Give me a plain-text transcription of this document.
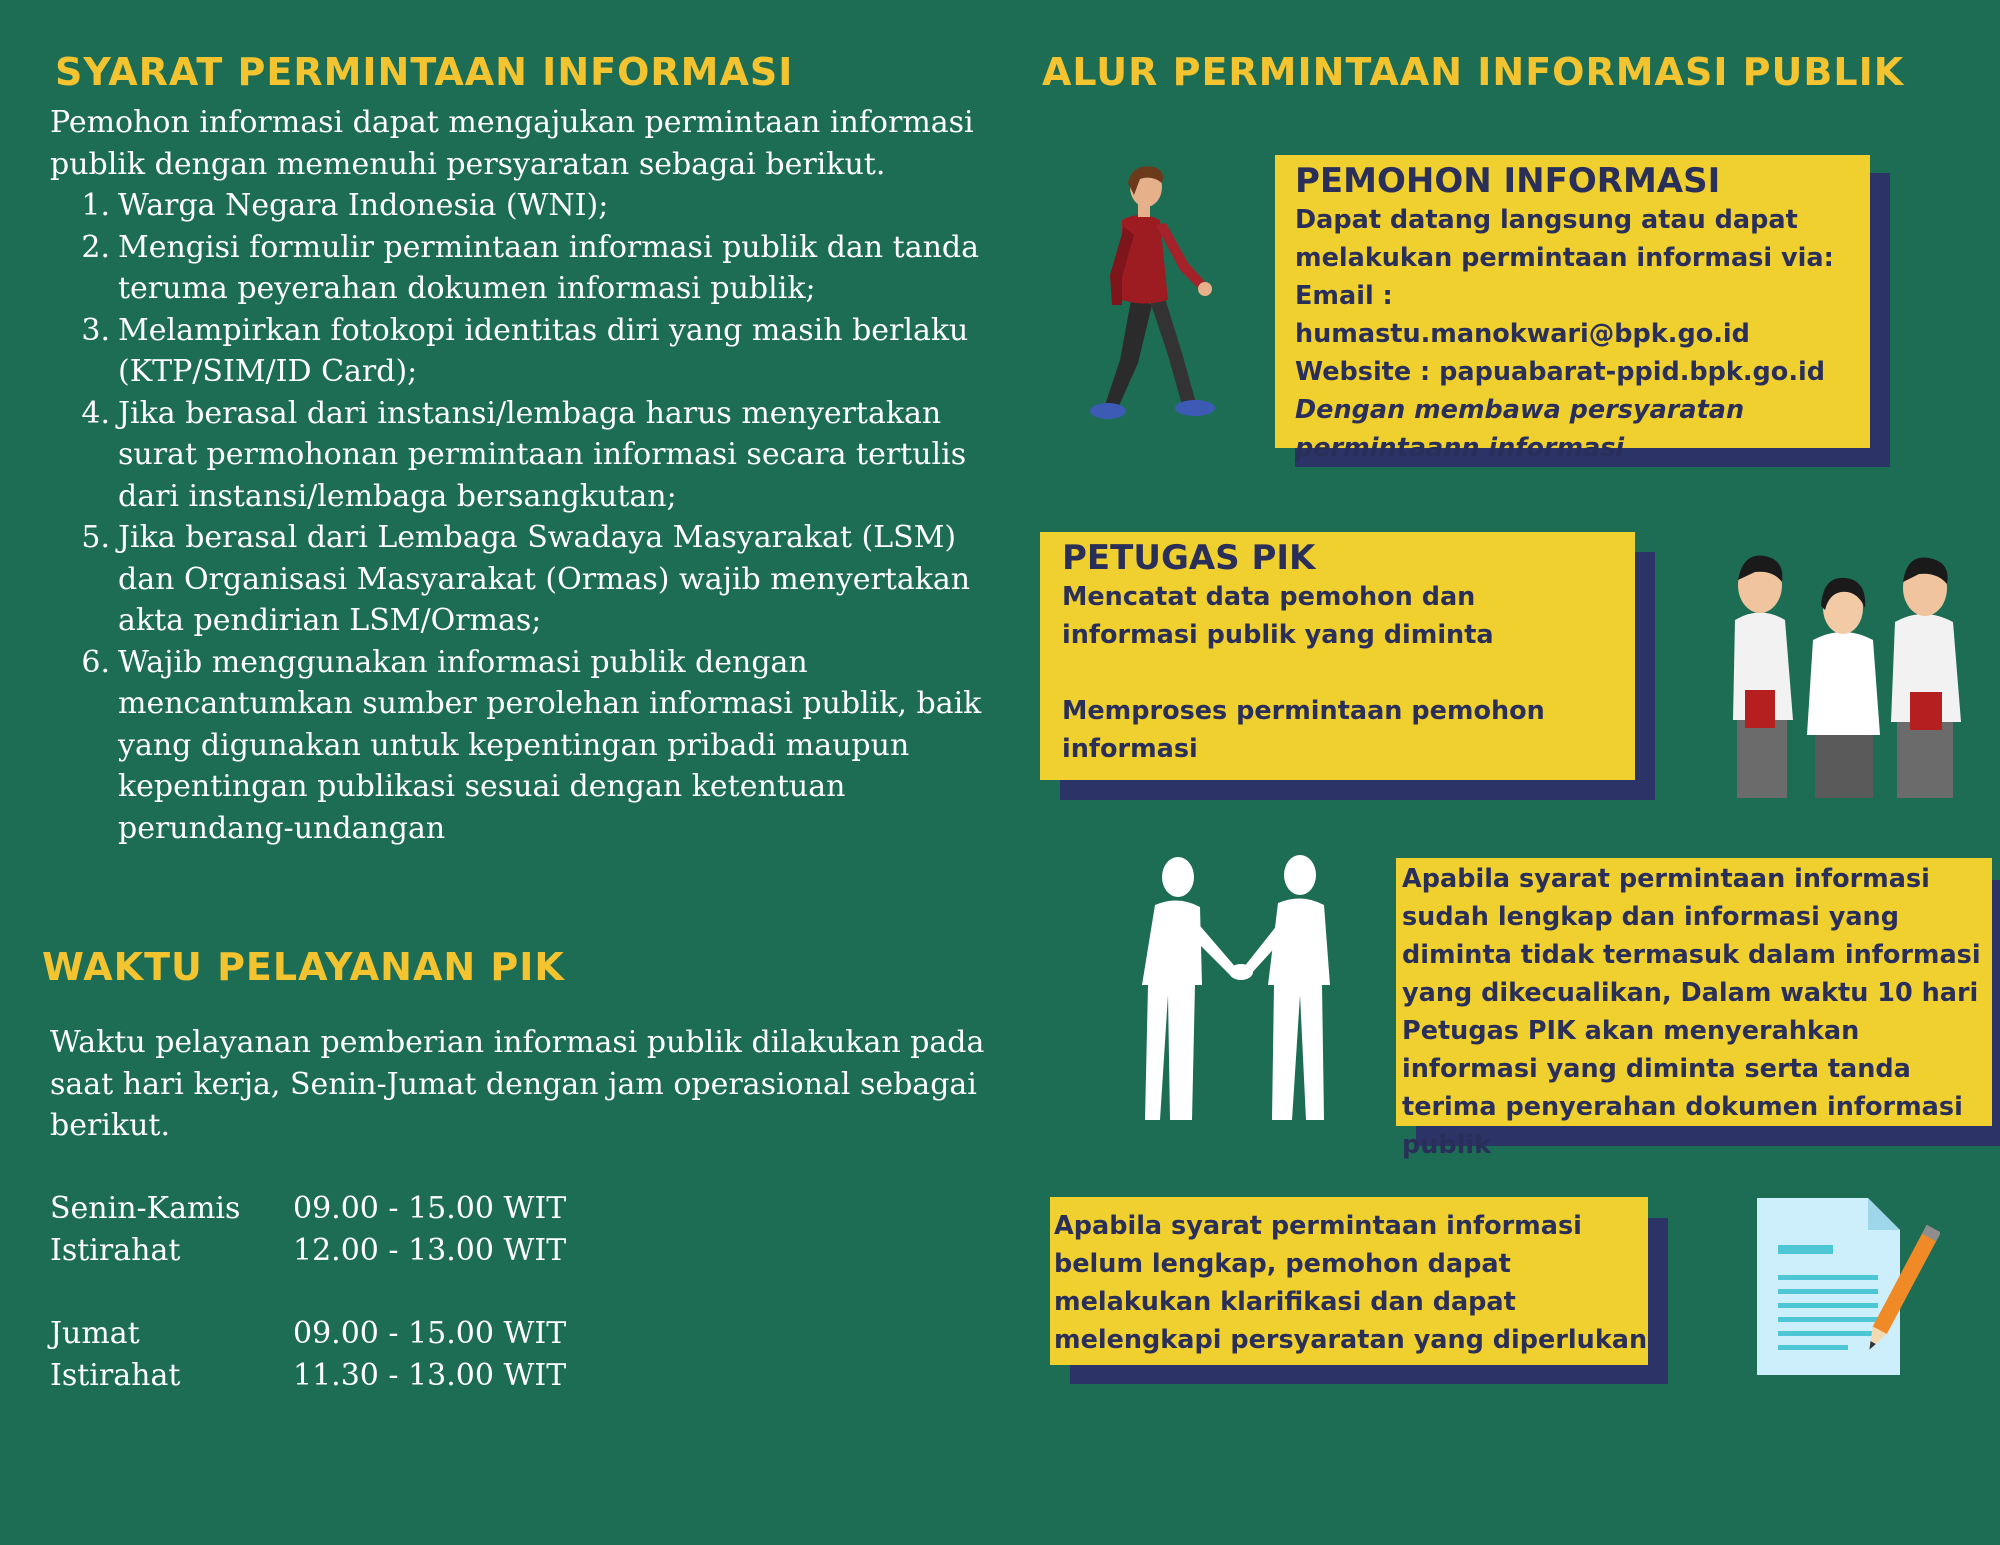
SYARAT PERMINTAAN INFORMASI

Pemohon informasi dapat mengajukan permintaan informasi publik dengan memenuhi persyaratan sebagai berikut.

1. Warga Negara Indonesia (WNI);
2. Mengisi formulir permintaan informasi publik dan tanda teruma peyerahan dokumen informasi publik;
3. Melampirkan fotokopi identitas diri yang masih berlaku (KTP/SIM/ID Card);
4. Jika berasal dari instansi/lembaga harus menyertakan surat permohonan permintaan informasi secara tertulis dari instansi/lembaga bersangkutan;
5. Jika berasal dari Lembaga Swadaya Masyarakat (LSM) dan Organisasi Masyarakat (Ormas) wajib menyertakan akta pendirian LSM/Ormas;
6. Wajib menggunakan informasi publik dengan mencantumkan sumber perolehan informasi publik, baik yang digunakan untuk kepentingan pribadi maupun kepentingan publikasi sesuai dengan ketentuan perundang-undangan
WAKTU PELAYANAN PIK

Waktu pelayanan pemberian informasi publik dilakukan pada saat hari kerja, Senin-Jumat dengan jam operasional sebagai berikut.

Senin-Kamis	09.00 - 15.00 WIT
Istirahat	12.00 - 13.00 WIT
Jumat	09.00 - 15.00 WIT
Istirahat	11.30 - 13.00 WIT
ALUR PERMINTAAN INFORMASI PUBLIK

PEMOHON INFORMASI

Dapat datang langsung atau dapat melakukan permintaan informasi via:

Email : humastu.manokwari@bpk.go.id

Website : papuabarat-ppid.bpk.go.id

Dengan membawa persyaratan permintaann informasi

PETUGAS PIK

Mencatat data pemohon dan informasi publik yang diminta

Memproses permintaan pemohon informasi

Apabila syarat permintaan informasi sudah lengkap dan informasi yang diminta tidak termasuk dalam informasi yang dikecualikan, Dalam waktu 10 hari Petugas PIK akan menyerahkan informasi yang diminta serta tanda terima penyerahan dokumen informasi publik

Apabila syarat permintaan informasi belum lengkap, pemohon dapat melakukan klarifikasi dan dapat melengkapi persyaratan yang diperlukan
